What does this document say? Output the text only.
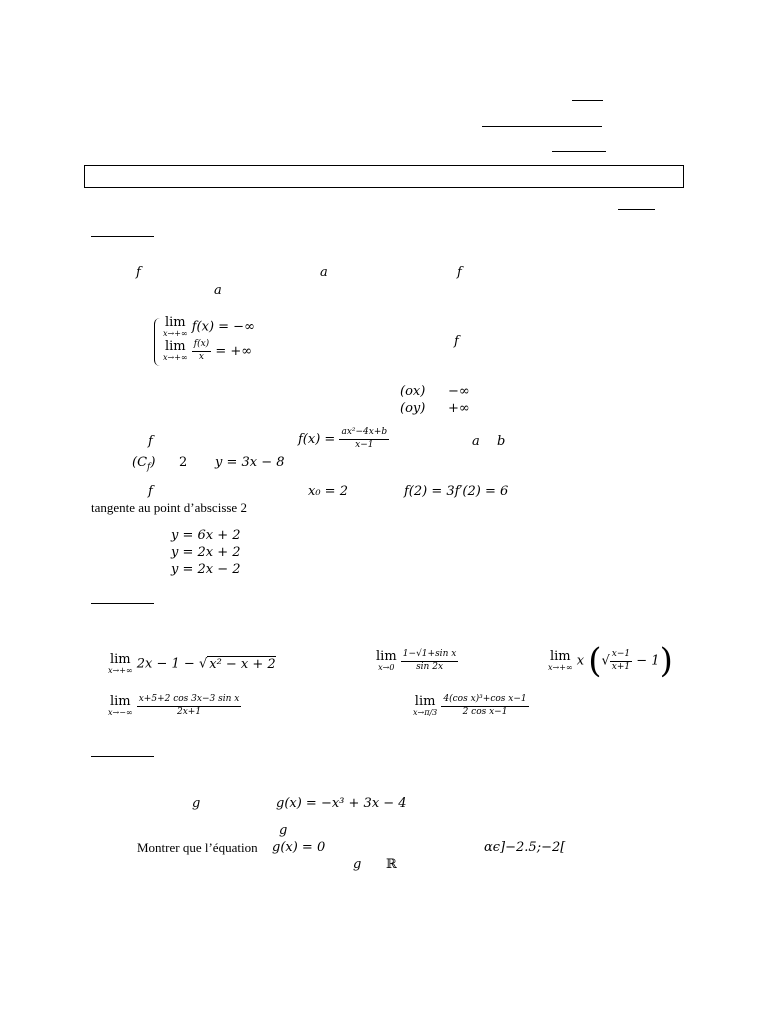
f	a	f
a
lim
x→+∞ f(x) = −∞
lim
x→+∞
$\frac{f(x)}{x}$ = +∞
f
(ox) −∞
(oy) +∞
f	$f(x) = \frac{\text{ax²−4x+b}}{x-1}$	a b
$(C_f)$ 2 y = 3x − 8
f	x₀ = 2	f(2) = 3f′(2) = 6
tangente au point d’abscisse 2
y = 6x + 2
y = 2x + 2
y = 2x − 2
lim
x→+∞ 2x − 1 − √ x² − x + 2	lim
x→0
$\frac{\text{1−√1+sin x}}{\sin 2x}$	lim
x→+∞ x (√ $\frac{x-1}{x+1} - 1$)
lim
x→−∞
$\frac{\text{x+5+2 cos 3x−3 sin x}}{2x+1}$	lim
x→π/3
$\frac{\text{4(cos x)³+cos x−1}}{\text{2 cos x−1}}$
g	g(x) = −x³ + 3x − 4
g
Montrer que l’équation g(x) = 0	αϵ]−2.5;−2[
g ℝ
